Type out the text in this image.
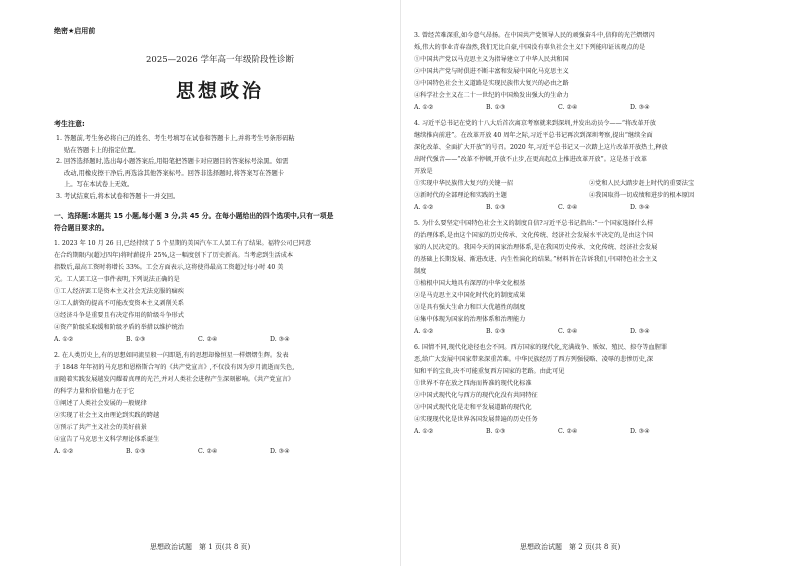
绝密★启用前
2025—2026 学年高一年级阶段性诊断
思想政治
考生注意:
1. 答题前,考生务必将自己的姓名、考生号填写在试卷和答题卡上,并将考生号条形码粘
贴在答题卡上的指定位置。
2. 回答选择题时,选出每小题答案后,用铅笔把答题卡对应题目的答案标号涂黑。如需
改动,用橡皮擦干净后,再选涂其他答案标号。回答非选择题时,将答案写在答题卡
上。写在本试卷上无效。
3. 考试结束后,将本试卷和答题卡一并交回。
一、选择题:本题共 15 小题,每小题 3 分,共 45 分。在每小题给出的四个选项中,只有一项是
符合题目要求的。
1. 2023 年 10 月 26 日,已经持续了 5 个星期的美国汽车工人罢工有了结果。福特公司已同意
在合约期限内(超过四年)将时薪提升 25%,这一幅度创下了历史新高。当考虑到生活成本
指数后,最高工资时将增长 33%。工会方面表示,这将使得最高工资超过每小时 40 美
元。工人罢工这一事件表明,下列说法正确的是
①工人经济罢工是资本主义社会无法克服的痼疾
②工人薪资的提高不可能改变资本主义剥削关系
③经济斗争是重要且有决定作用的阶级斗争形式
④资产阶级采取缓和阶级矛盾的举措以维护统治
A. ①②	B. ①③	C. ②④	D. ③④
2. 在人类历史上,有的思想如同流星般一闪即逝,有的思想却像恒星一样熠熠生辉。发表
于 1848 年年初的马克思和恩格斯合写的《共产党宣言》,不仅没有因为岁月流逝而失色,
而随着实践发展越发闪耀着真理的光芒,并对人类社会进程产生深刻影响。《共产党宣言》
的科学力量和价值魅力在于它
①阐述了人类社会发展的一般规律
②实现了社会主义由理论到实践的跨越
③预示了共产主义社会的美好前景
④宣告了马克思主义科学理论体系诞生
A. ①②	B. ①③	C. ②④	D. ③④
思想政治试题　第 1 页(共 8 页)
3. 曾经苦难深重,如今意气昂扬。在中国共产党领导人民的顽强奋斗中,信仰的光芒熠熠闪
烁,伟大的事业青春盎然,我们无比自豪,中国没有辜负社会主义!下列能印证该观点的是
①中国共产党以马克思主义为指导建立了中华人民共和国
②中国共产党与时俱进不断丰富和发展中国化马克思主义
③中国特色社会主义道路是实现民族伟大复兴的必由之路
④科学社会主义在二十一世纪的中国焕发出强大的生命力
A. ①②	B. ①③	C. ②④	D. ③④
4. 习近平总书记在党的十八大后首次离京考察就来到深圳,并发出动员令——“将改革开放
继续推向前进”。在改革开放 40 周年之际,习近平总书记再次到深圳考察,提出“继续全面
深化改革、全面扩大开放”的号召。2020 年,习近平总书记又一次踏上这片改革开放热土,释放
出时代强音——“改革不停顿,开放不止步,在更高起点上推进改革开放”。这是基于改革
开放是
①实现中华民族伟大复兴的关键一招	②党和人民大踏步赶上时代的重要法宝
③新时代的全部理论和实践的主题	④我国取得一切成绩和进步的根本原因
A. ①②	B. ①③	C. ②④	D. ③④
5. 为什么要坚定中国特色社会主义的制度自信?习近平总书记指出:“一个国家选择什么样
的治理体系,是由这个国家的历史传承、文化传统、经济社会发展水平决定的,是由这个国
家的人民决定的。我国今天的国家治理体系,是在我国历史传承、文化传统、经济社会发展
的基础上长期发展、渐进改进、内生性演化的结果。”材料旨在告诉我们,中国特色社会主义
制度
①植根中国大地具有深厚的中华文化根基
②是马克思主义中国化时代化的制度成果
③是具有强大生命力和巨大优越性的制度
④集中体现为国家的治理体系和治理能力
A. ①②	B. ①③	C. ②④	D. ③④
6. 国情不同,现代化途径也会不同。西方国家的现代化,充满战争、贩奴、殖民、掠夺等血腥罪
恶,给广大发展中国家带来深重苦难。中华民族经历了西方列强侵略、凌辱的悲惨历史,深
知和平的宝贵,决不可能重复西方国家的老路。由此可见
①世界不存在放之四海而皆准的现代化标准
②中国式现代化与西方的现代化没有共同特征
③中国式现代化是走和平发展道路的现代化
④实现现代化是世界各国发展普遍的历史任务
A. ①②	B. ①③	C. ②④	D. ③④
思想政治试题　第 2 页(共 8 页)
